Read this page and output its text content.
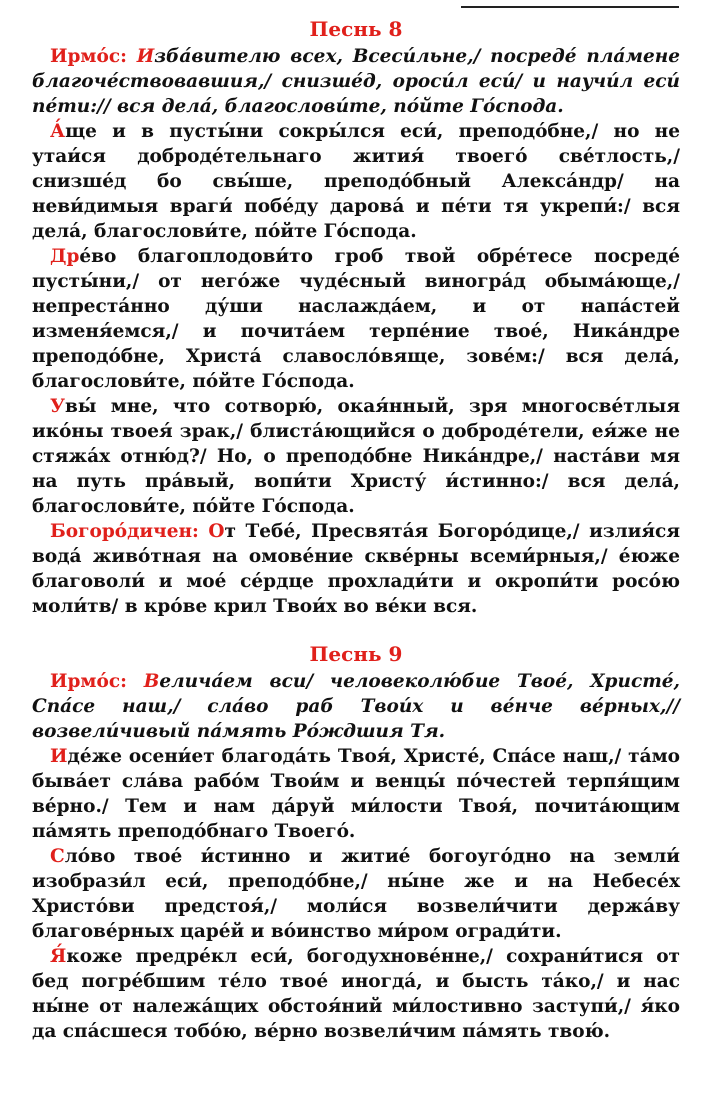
Песнь 8

Ирмо́с: Изба́вителю всех, Всеси́льне,/ посреде́ пла́мене благоче́ствовавшия,/ снизше́д, ороси́л еси́/ и научи́л еси́ пе́ти:// вся дела́, благослови́те, по́йте Го́спода.

А́ще и в пусты́ни сокры́лся еси́, преподо́бне,/ но не утаи́ся доброде́тельнаго жития́ твоего́ све́тлость,/ снизше́д бо свы́ше, преподо́бный Алекса́ндр/ на неви́димыя враги́ побе́ду дарова́ и пе́ти тя укрепи́:/ вся дела́, благослови́те, по́йте Го́спода.

Дре́во благоплодови́то гроб твой обре́тесе посреде́ пусты́ни,/ от него́же чуде́сный виногра́д обыма́юще,/ непреста́нно ду́ши наслажда́ем, и от напа́стей изменя́емся,/ и почита́ем терпе́ние твое́, Ника́ндре преподо́бне, Христа́ славосло́вяще, зове́м:/ вся дела́, благослови́те, по́йте Го́спода.

Увы́ мне, что сотворю́, окая́нный, зря многосве́тлыя ико́ны твоея́ зрак,/ блиста́ющийся о доброде́тели, ея́же не стяжа́х отню́д?/ Но, о преподо́бне Ника́ндре,/ наста́ви мя на путь пра́вый, вопи́ти Христу́ и́стинно:/ вся дела́, благослови́те, по́йте Го́спода.

Богоро́дичен: От Тебе́, Пресвята́я Богоро́дице,/ излия́ся вода́ живо́тная на омове́ние скве́рны всеми́рныя,/ е́юже благоволи́ и мое́ се́рдце прохлади́ти и окропи́ти росо́ю моли́тв/ в кро́ве крил Твои́х во ве́ки вся.

Песнь 9

Ирмо́с: Велича́ем вси/ человеколю́бие Твое́, Христе́, Спа́се наш,/ сла́во раб Твои́х и ве́нче ве́рных,// возвели́чивый па́мять Ро́ждшия Тя.

Иде́же осени́ет благода́ть Твоя́, Христе́, Спа́се наш,/ та́мо быва́ет сла́ва рабо́м Твои́м и венцы́ по́честей терпя́щим ве́рно./ Тем и нам да́руй ми́лости Твоя́, почита́ющим па́мять преподо́бнаго Твоего́.

Сло́во твое́ и́стинно и житие́ богоуго́дно на земли́ изобрази́л еси́, преподо́бне,/ ны́не же и на Небесе́х Христо́ви предстоя́,/ моли́ся возвели́чити держа́ву благове́рных царе́й и во́инство ми́ром огради́ти.

Я́коже предре́кл еси́, богодухнове́нне,/ сохрани́тися от бед погре́бшим те́ло твое́ иногда́, и бысть та́ко,/ и нас ны́не от належа́щих обстоя́ний ми́лостивно заступи́,/ я́ко да спа́сшеся тобо́ю, ве́рно возвели́чим па́мять твою́.
